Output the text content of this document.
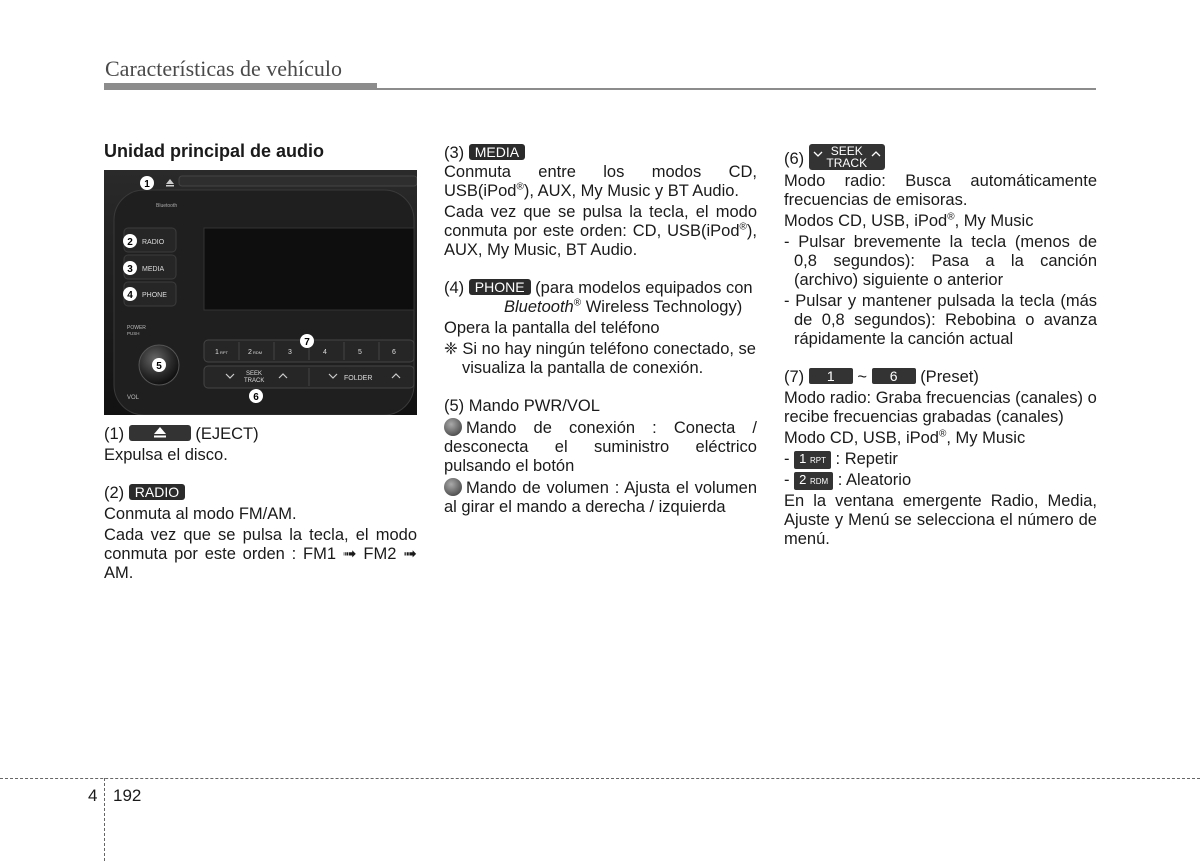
Características de vehículo
Unidad principal de audio
Bluetooth
RADIO
MEDIA
PHONE
POWER
PUSH
VOL
1 RPT	2 RDM	3	4	5	6
SEEK
TRACK	FOLDER
1
2
3
4
5
6
7
(1)	(EJECT)
Expulsa el disco.
(2) RADIO
Conmuta al modo FM/AM.
Cada vez que se pulsa la tecla, el modo conmuta por este orden : FM1 ➟ FM2 ➟ AM.
(3) MEDIA
Conmuta entre los modos CD, USB(iPod®), AUX, My Music y BT Audio.
Cada vez que se pulsa la tecla, el modo conmuta por este orden: CD, USB(iPod®), AUX, My Music, BT Audio.
(4) PHONE (para modelos equipados con
Bluetooth® Wireless Technology)
Opera la pantalla del teléfono
❈ Si no hay ningún teléfono conectado, se visualiza la pantalla de conexión.
(5) Mando PWR/VOL
Mando de conexión : Conecta / desconecta el suministro eléctrico pulsando el botón
Mando de volumen : Ajusta el volumen al girar el mando a derecha / izquierda
(6)	SEEK
TRACK
Modo radio: Busca automáticamente frecuencias de emisoras.
Modos CD, USB, iPod®, My Music
- Pulsar brevemente la tecla (menos de 0,8 segundos): Pasa a la canción (archivo) siguiente o anterior
- Pulsar y mantener pulsada la tecla (más de 0,8 segundos): Rebobina o avanza rápidamente la canción actual
(7) 1 ~ 6 (Preset)
Modo radio: Graba frecuencias (canales) o recibe frecuencias grabadas (canales)
Modo CD, USB, iPod®, My Music
- 1 RPT : Repetir
- 2 RDM : Aleatorio
En la ventana emergente Radio, Media, Ajuste y Menú se selecciona el número de menú.
4 192
